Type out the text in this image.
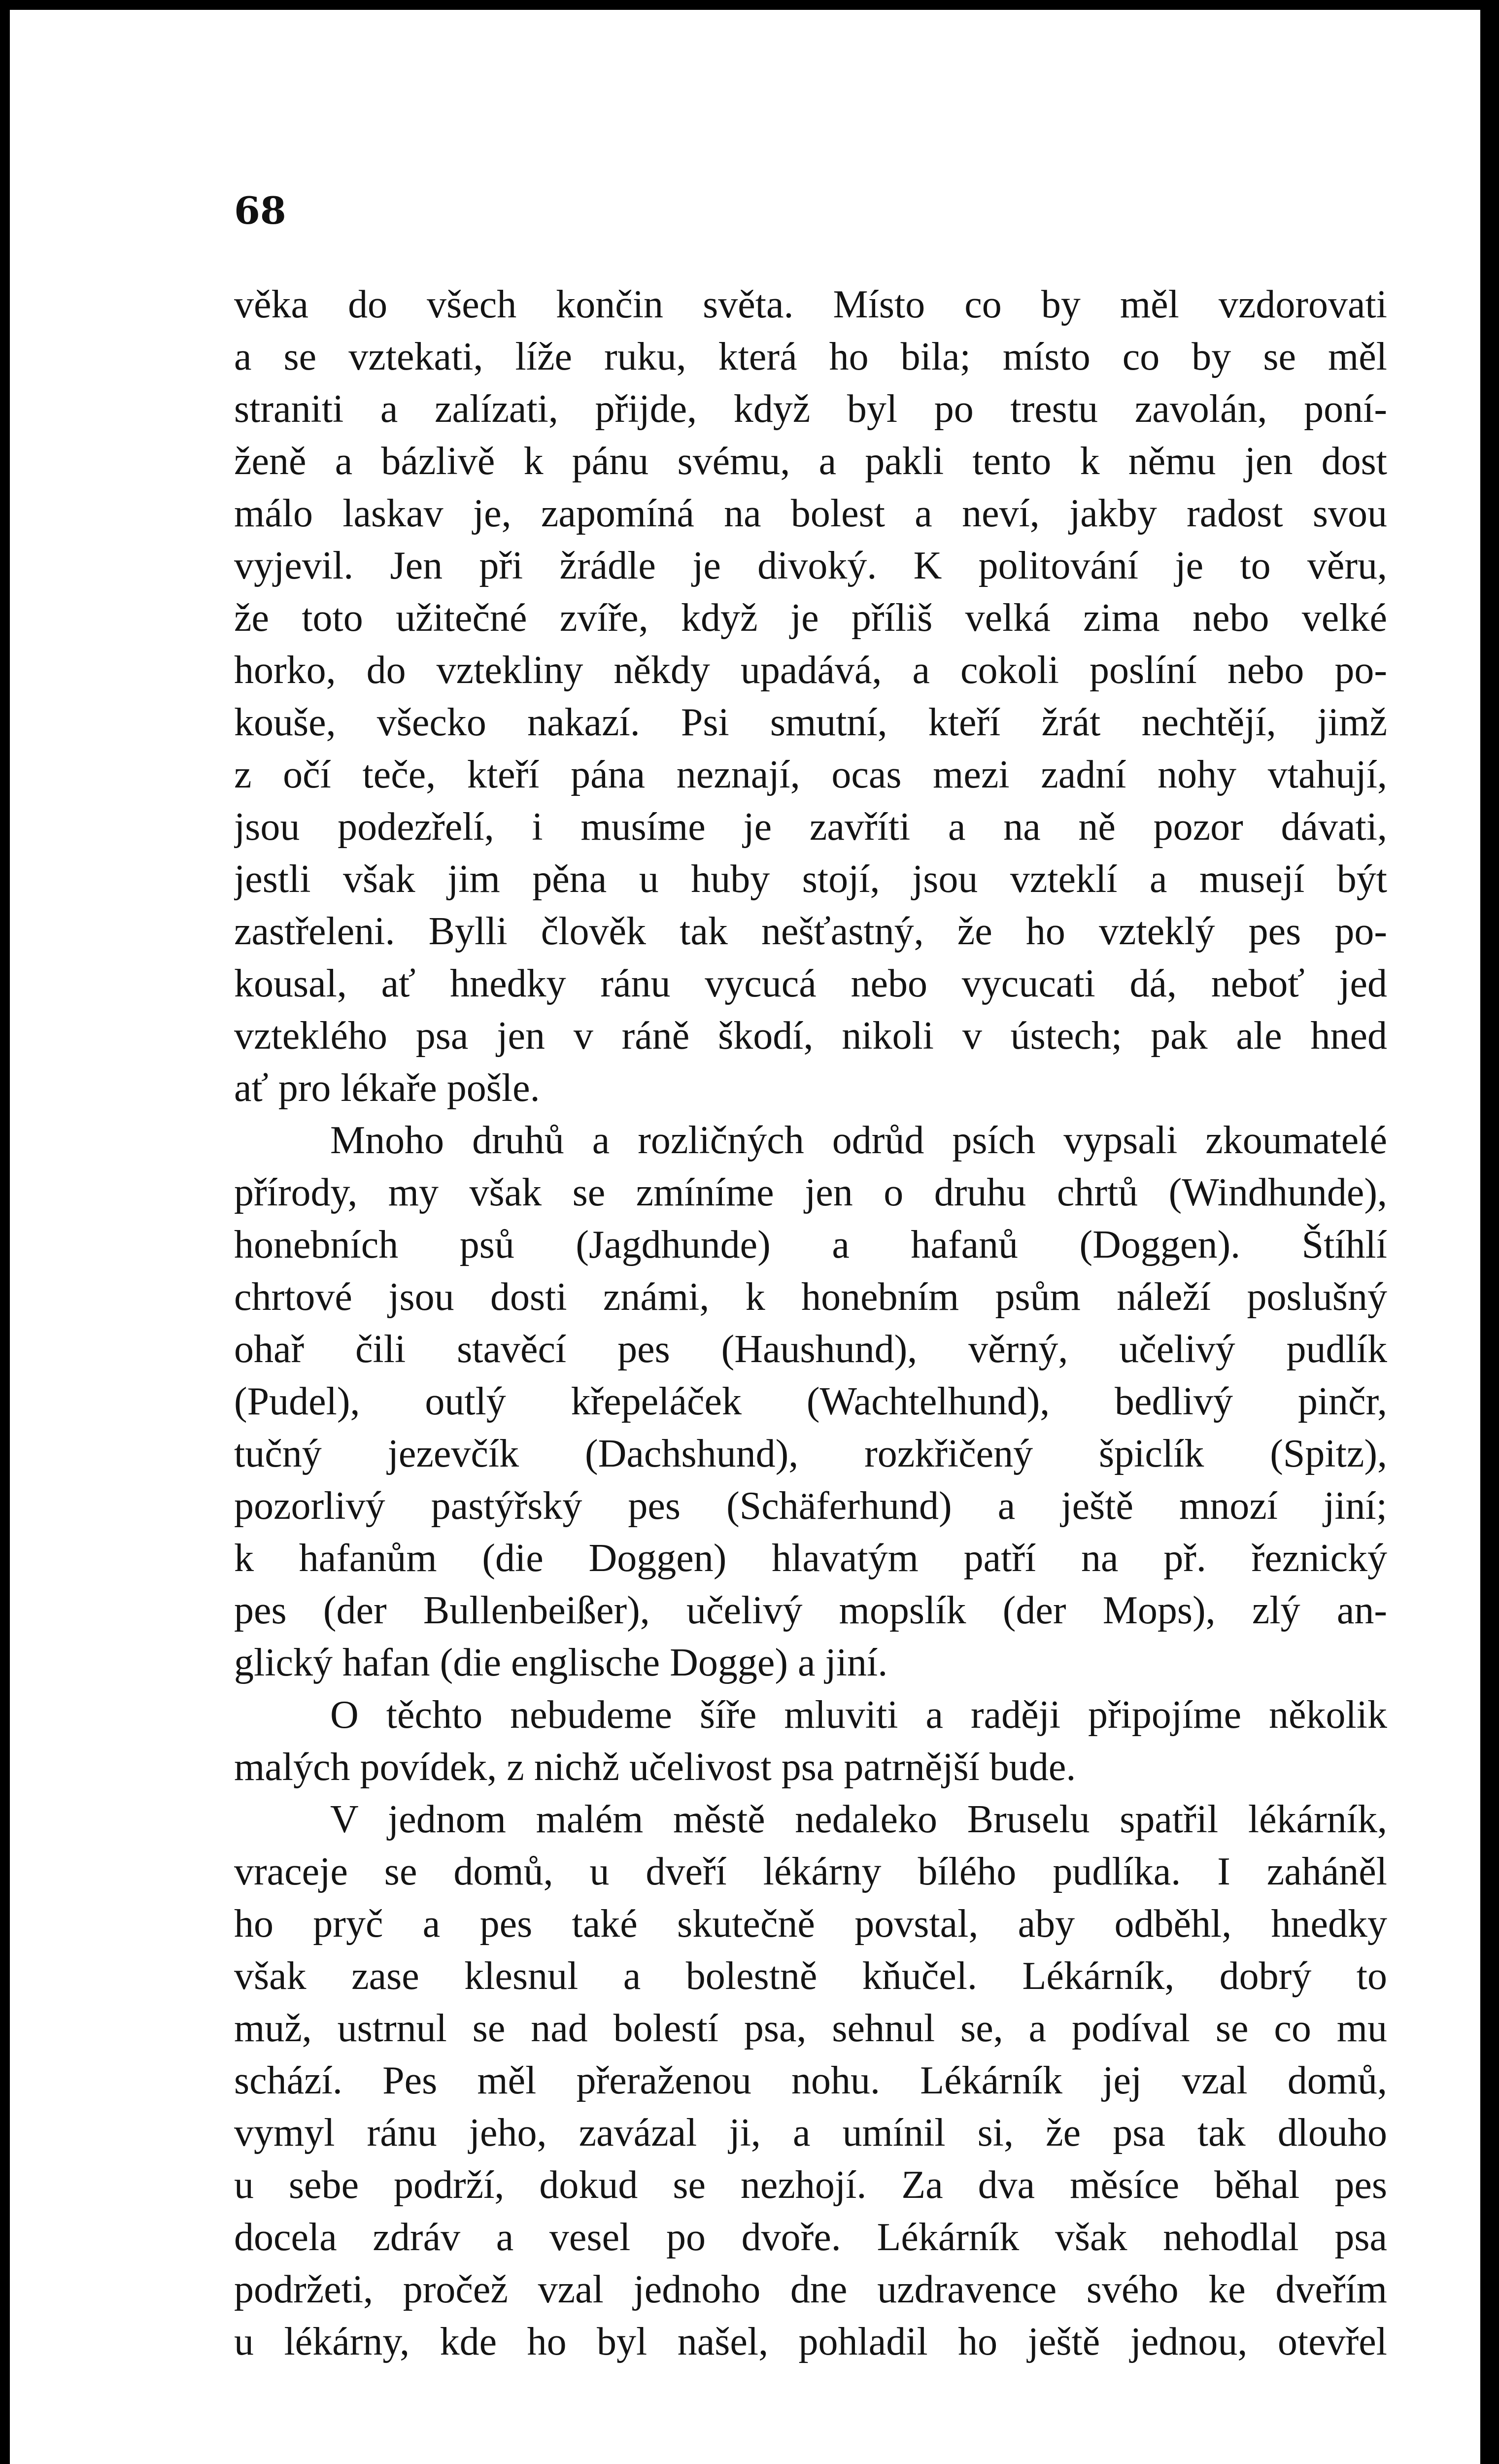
68
věka do všech končin světa. Místo co by měl vzdorovati
a se vztekati, líže ruku, která ho bila; místo co by se měl
straniti a zalízati, přijde, když byl po trestu zavolán, poní-
ženě a bázlivě k pánu svému, a pakli tento k němu jen dost
málo laskav je, zapomíná na bolest a neví, jakby radost svou
vyjevil. Jen při žrádle je divoký. K politování je to věru,
že toto užitečné zvíře, když je příliš velká zima nebo velké
horko, do vztekliny někdy upadává, a cokoli poslíní nebo po-
kouše, všecko nakazí. Psi smutní, kteří žrát nechtějí, jimž
z očí teče, kteří pána neznají, ocas mezi zadní nohy vtahují,
jsou podezřelí, i musíme je zavříti a na ně pozor dávati,
jestli však jim pěna u huby stojí, jsou vzteklí a musejí být
zastřeleni. Bylli člověk tak nešťastný, že ho vzteklý pes po-
kousal, ať hnedky ránu vycucá nebo vycucati dá, neboť jed
vzteklého psa jen v ráně škodí, nikoli v ústech; pak ale hned
ať pro lékaře pošle.
Mnoho druhů a rozličných odrůd psích vypsali zkoumatelé
přírody, my však se zmíníme jen o druhu chrtů (Windhunde),
honebních psů (Jagdhunde) a hafanů (Doggen). Štíhlí
chrtové jsou dosti známi, k honebním psům náleží poslušný
ohař čili stavěcí pes (Haushund), věrný, učelivý pudlík
(Pudel), outlý křepeláček (Wachtelhund), bedlivý pinčr,
tučný jezevčík (Dachshund), rozkřičený špiclík (Spitz),
pozorlivý pastýřský pes (Schäferhund) a ještě mnozí jiní;
k hafanům (die Doggen) hlavatým patří na př. řeznický
pes (der Bullenbeißer), učelivý mopslík (der Mops), zlý an-
glický hafan (die englische Dogge) a jiní.
O těchto nebudeme šíře mluviti a raději připojíme několik
malých povídek, z nichž učelivost psa patrnější bude.
V jednom malém městě nedaleko Bruselu spatřil lékárník,
vraceje se domů, u dveří lékárny bílého pudlíka. I zaháněl
ho pryč a pes také skutečně povstal, aby odběhl, hnedky
však zase klesnul a bolestně kňučel. Lékárník, dobrý to
muž, ustrnul se nad bolestí psa, sehnul se, a podíval se co mu
schází. Pes měl přeraženou nohu. Lékárník jej vzal domů,
vymyl ránu jeho, zavázal ji, a umínil si, že psa tak dlouho
u sebe podrží, dokud se nezhojí. Za dva měsíce běhal pes
docela zdráv a vesel po dvoře. Lékárník však nehodlal psa
podržeti, pročež vzal jednoho dne uzdravence svého ke dveřím
u lékárny, kde ho byl našel, pohladil ho ještě jednou, otevřel
